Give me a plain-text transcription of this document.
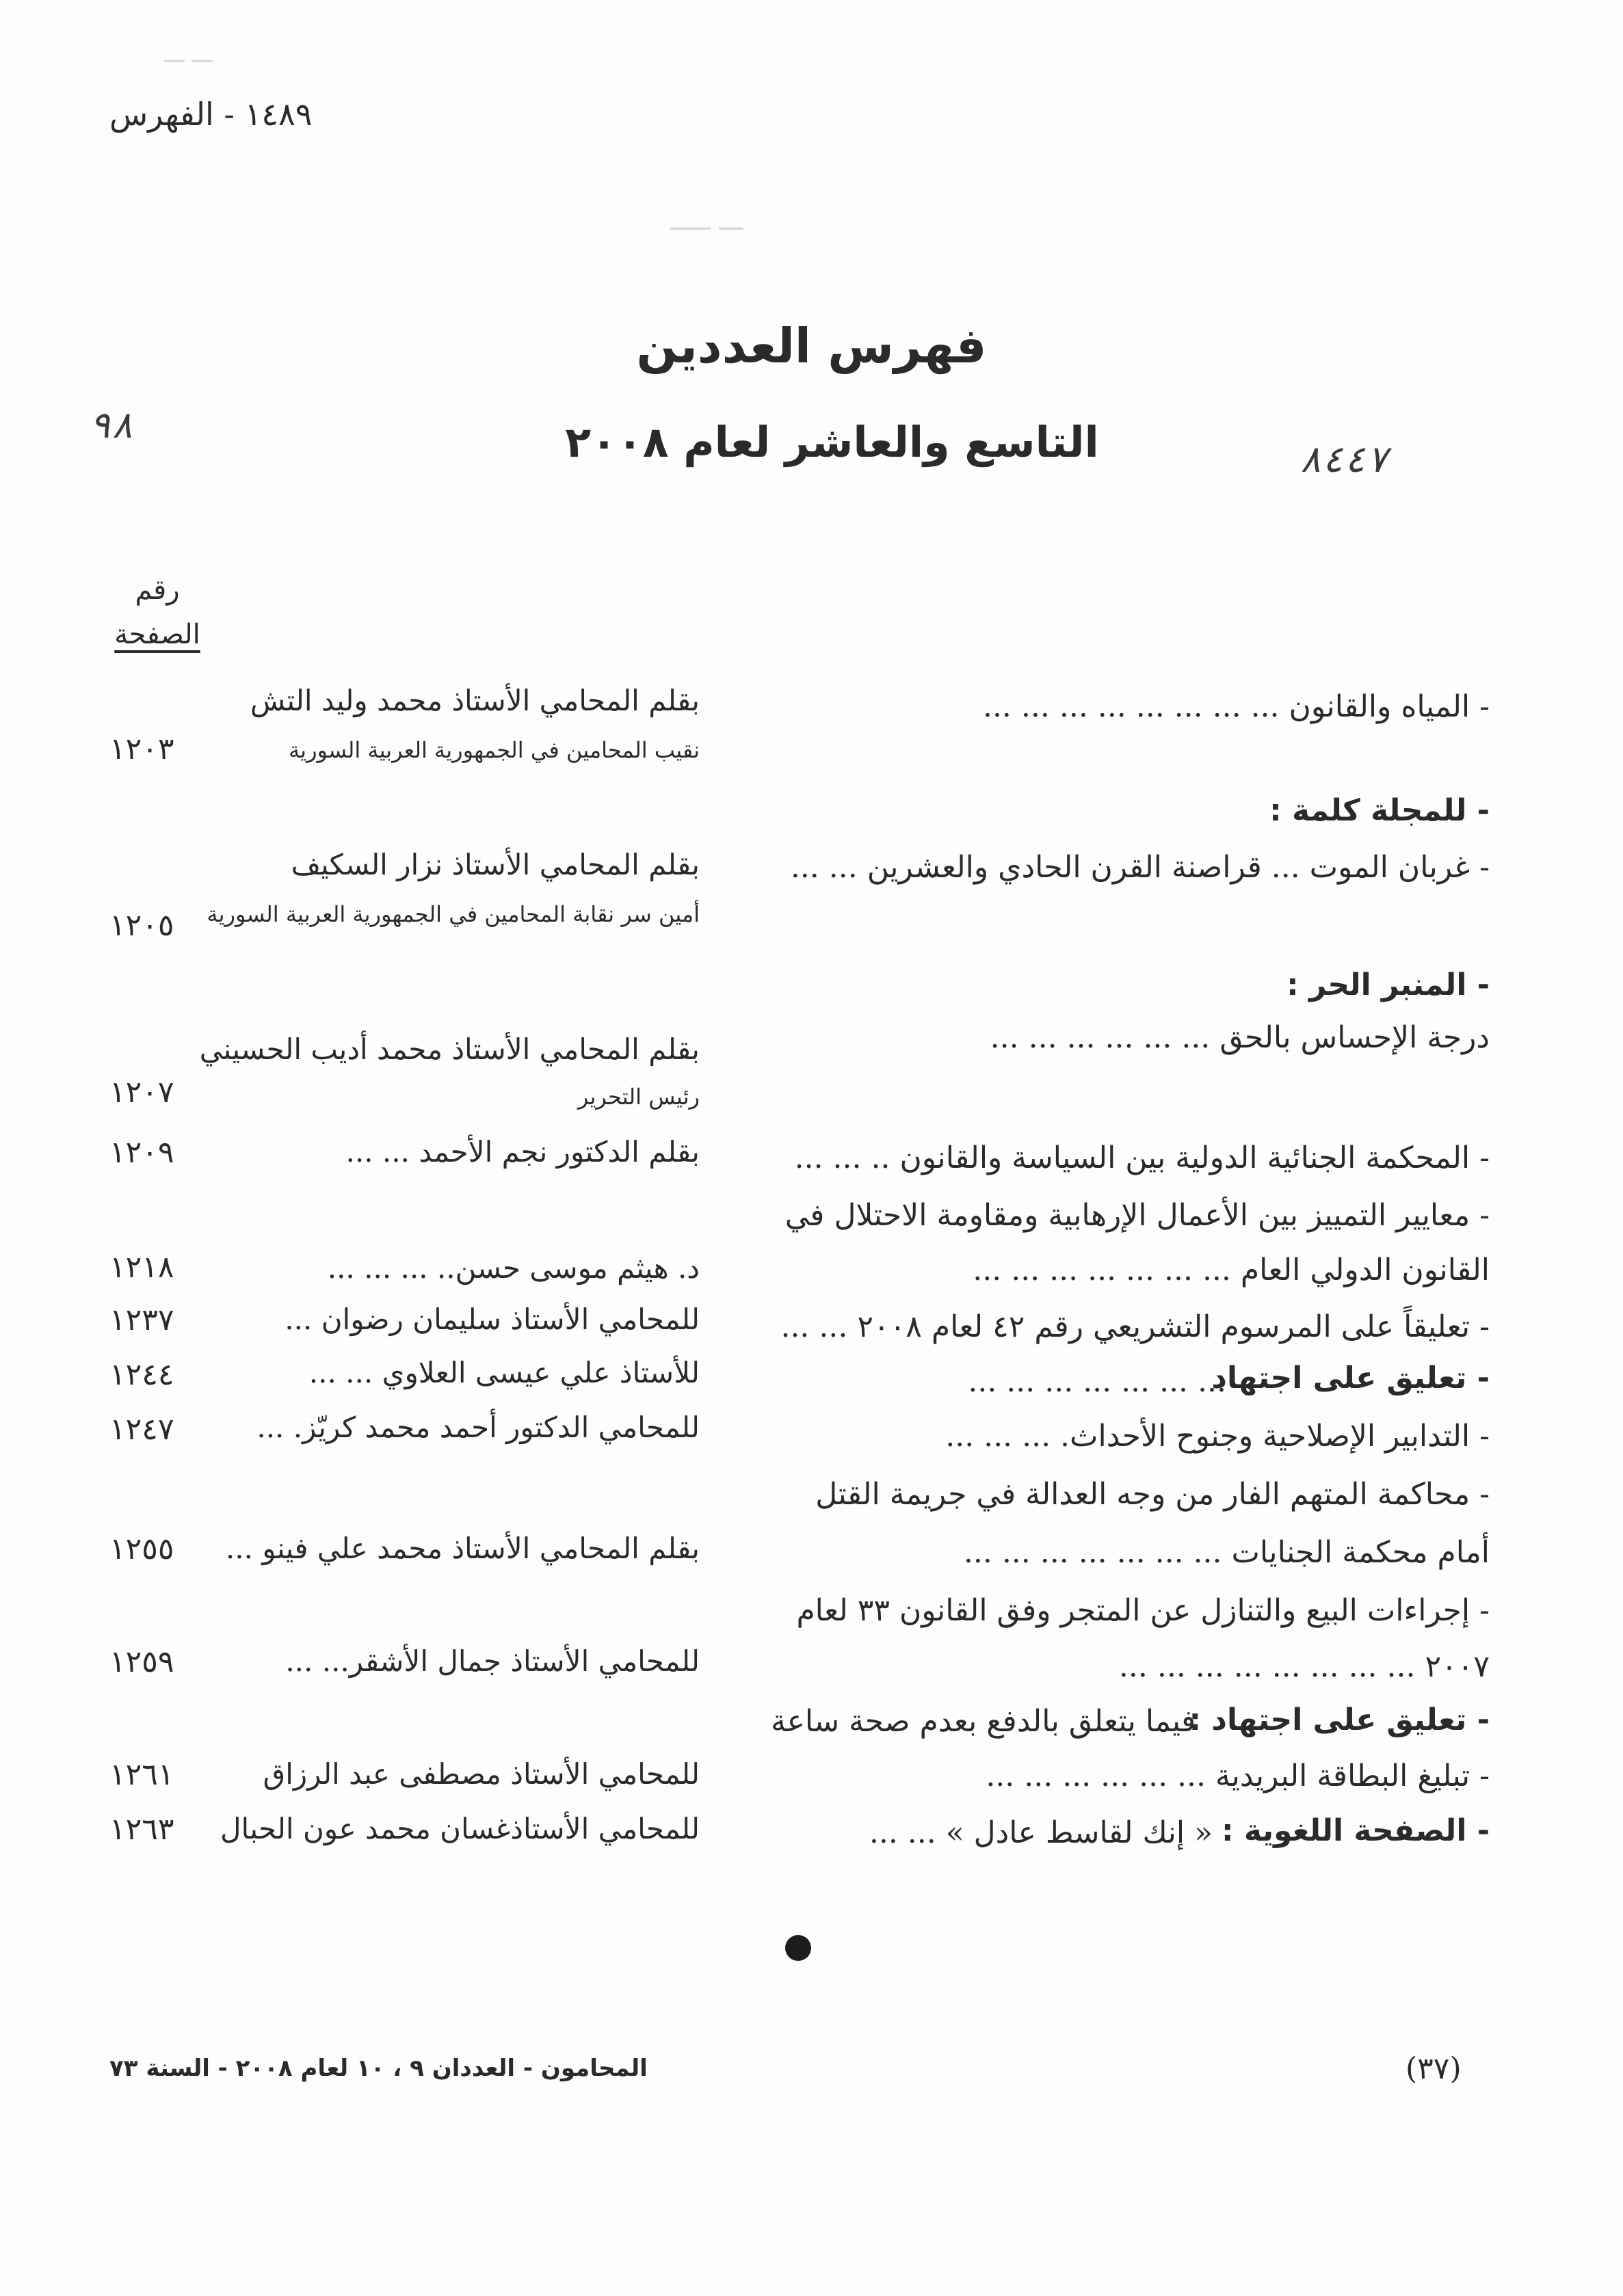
ـــ ـــ
ـــ ـــــ
١٤٨٩ - الفهرس
فهرس العددين
التاسع والعاشر لعام ٢٠٠٨
٩٨
٨٤٤٧
رقم
الصفحة
بقلم المحامي الأستاذ محمد وليد التش	- المياه والقانون ... ... ... ... ... ... ... ...
نقيب المحامين في الجمهورية العربية السورية
١٢٠٣
- للمجلة كلمة :
- غربان الموت ... قراصنة القرن الحادي والعشرين ... ...
بقلم المحامي الأستاذ نزار السكيف
أمين سر نقابة المحامين في الجمهورية العربية السورية
١٢٠٥
- المنبر الحر :
درجة الإحساس بالحق ... ... ... ... ... ...
بقلم المحامي الأستاذ محمد أديب الحسيني
رئيس التحرير
١٢٠٧
- المحكمة الجنائية الدولية بين السياسة والقانون .. ... ...
بقلم الدكتور نجم الأحمد ... ...
١٢٠٩
- معايير التمييز بين الأعمال الإرهابية ومقاومة الاحتلال في
القانون الدولي العام ... ... ... ... ... ... ...
د. هيثم موسى حسن.. ... ... ...
١٢١٨
- تعليقاً على المرسوم التشريعي رقم ٤٢ لعام ٢٠٠٨ ... ...
للمحامي الأستاذ سليمان رضوان ...
١٢٣٧
- تعليق على اجتهاد
... ... ... ... ... ... ...
للأستاذ علي عيسى العلاوي ... ...
١٢٤٤
- التدابير الإصلاحية وجنوح الأحداث. ... ... ...
للمحامي الدكتور أحمد محمد كريّز. ...
١٢٤٧
- محاكمة المتهم الفار من وجه العدالة في جريمة القتل
أمام محكمة الجنايات ... ... ... ... ... ... ...
بقلم المحامي الأستاذ محمد علي فينو ...
١٢٥٥
- إجراءات البيع والتنازل عن المتجر وفق القانون ٣٣ لعام
٢٠٠٧ ... ... ... ... ... ... ... ...
للمحامي الأستاذ جمال الأشقر... ...
١٢٥٩
- تعليق على اجتهاد :
فيما يتعلق بالدفع بعدم صحة ساعة
- تبليغ البطاقة البريدية ... ... ... ... ... ...
للمحامي الأستاذ مصطفى عبد الرزاق
١٢٦١
- الصفحة اللغوية :
« إنك لقاسط عادل » ... ...
للمحامي الأستاذغسان محمد عون الحبال
١٢٦٣
(٣٧)
المحامون - العددان ٩ ، ١٠ لعام ٢٠٠٨ - السنة ٧٣
